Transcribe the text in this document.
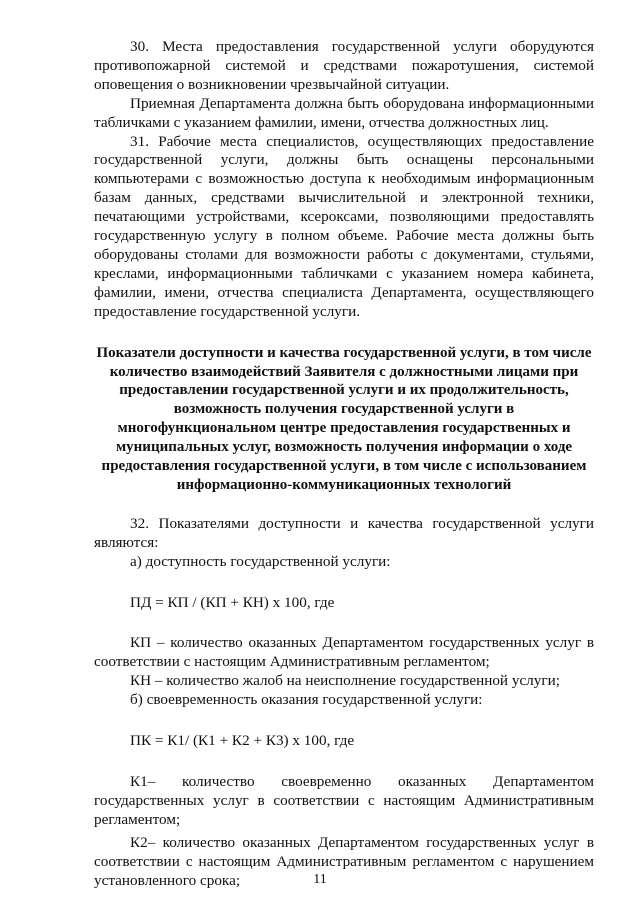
30. Места предоставления государственной услуги оборудуются противопожарной системой и средствами пожаротушения, системой оповещения о возникновении чрезвычайной ситуации.

Приемная Департамента должна быть оборудована информационными табличками с указанием фамилии, имени, отчества должностных лиц.

31. Рабочие места специалистов, осуществляющих предоставление государственной услуги, должны быть оснащены персональными компьютерами с возможностью доступа к необходимым информационным базам данных, средствами вычислительной и электронной техники, печатающими устройствами, ксероксами, позволяющими предоставлять государственную услугу в полном объеме. Рабочие места должны быть оборудованы столами для возможности работы с документами, стульями, креслами, информационными табличками с указанием номера кабинета, фамилии, имени, отчества специалиста Департамента, осуществляющего предоставление государственной услуги.

Показатели доступности и качества государственной услуги, в том числе
количество взаимодействий Заявителя с должностными лицами при
предоставлении государственной услуги и их продолжительность,
возможность получения государственной услуги в
многофункциональном центре предоставления государственных и
муниципальных услуг, возможность получения информации о ходе
предоставления государственной услуги, в том числе с использованием
информационно-коммуникационных технологий

32. Показателями доступности и качества государственной услуги являются:

а) доступность государственной услуги:

ПД = КП / (КП + КН) х 100, где

КП – количество оказанных Департаментом государственных услуг в соответствии с настоящим Административным регламентом;

КН – количество жалоб на неисполнение государственной услуги;

б) своевременность оказания государственной услуги:

ПК = К1/ (К1 + К2 + К3) х 100, где

К1– количество своевременно оказанных Департаментом государственных услуг в соответствии с настоящим Административным регламентом;

К2– количество оказанных Департаментом государственных услуг в соответствии с настоящим Административным регламентом с нарушением установленного срока;	11
